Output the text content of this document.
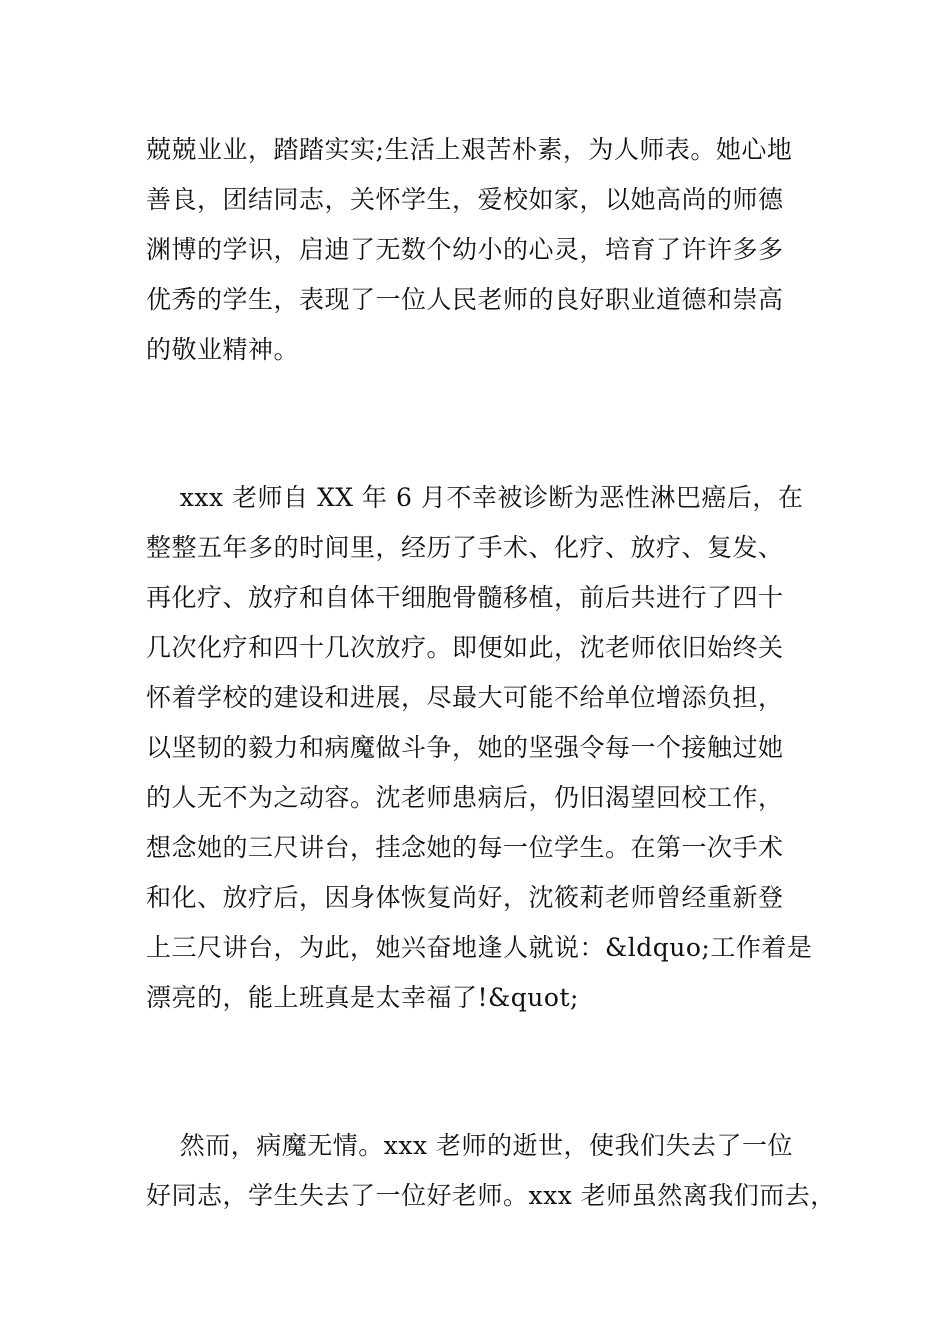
兢兢业业，踏踏实实;生活上艰苦朴素，为人师表。她心地
善良，团结同志，关怀学生，爱校如家，以她高尚的师德
渊博的学识，启迪了无数个幼小的心灵，培育了许许多多
优秀的学生，表现了一位人民老师的良好职业道德和崇高
的敬业精神。
xxx 老师自 XX 年 6 月不幸被诊断为恶性淋巴癌后，在
整整五年多的时间里，经历了手术、化疗、放疗、复发、
再化疗、放疗和自体干细胞骨髓移植，前后共进行了四十
几次化疗和四十几次放疗。即便如此，沈老师依旧始终关
怀着学校的建设和进展，尽最大可能不给单位增添负担，
以坚韧的毅力和病魔做斗争，她的坚强令每一个接触过她
的人无不为之动容。沈老师患病后，仍旧渴望回校工作，
想念她的三尺讲台，挂念她的每一位学生。在第一次手术
和化、放疗后，因身体恢复尚好，沈筱莉老师曾经重新登
上三尺讲台，为此，她兴奋地逢人就说：&ldquo;工作着是
漂亮的，能上班真是太幸福了!&quot;
然而，病魔无情。xxx 老师的逝世，使我们失去了一位
好同志，学生失去了一位好老师。xxx 老师虽然离我们而去，
